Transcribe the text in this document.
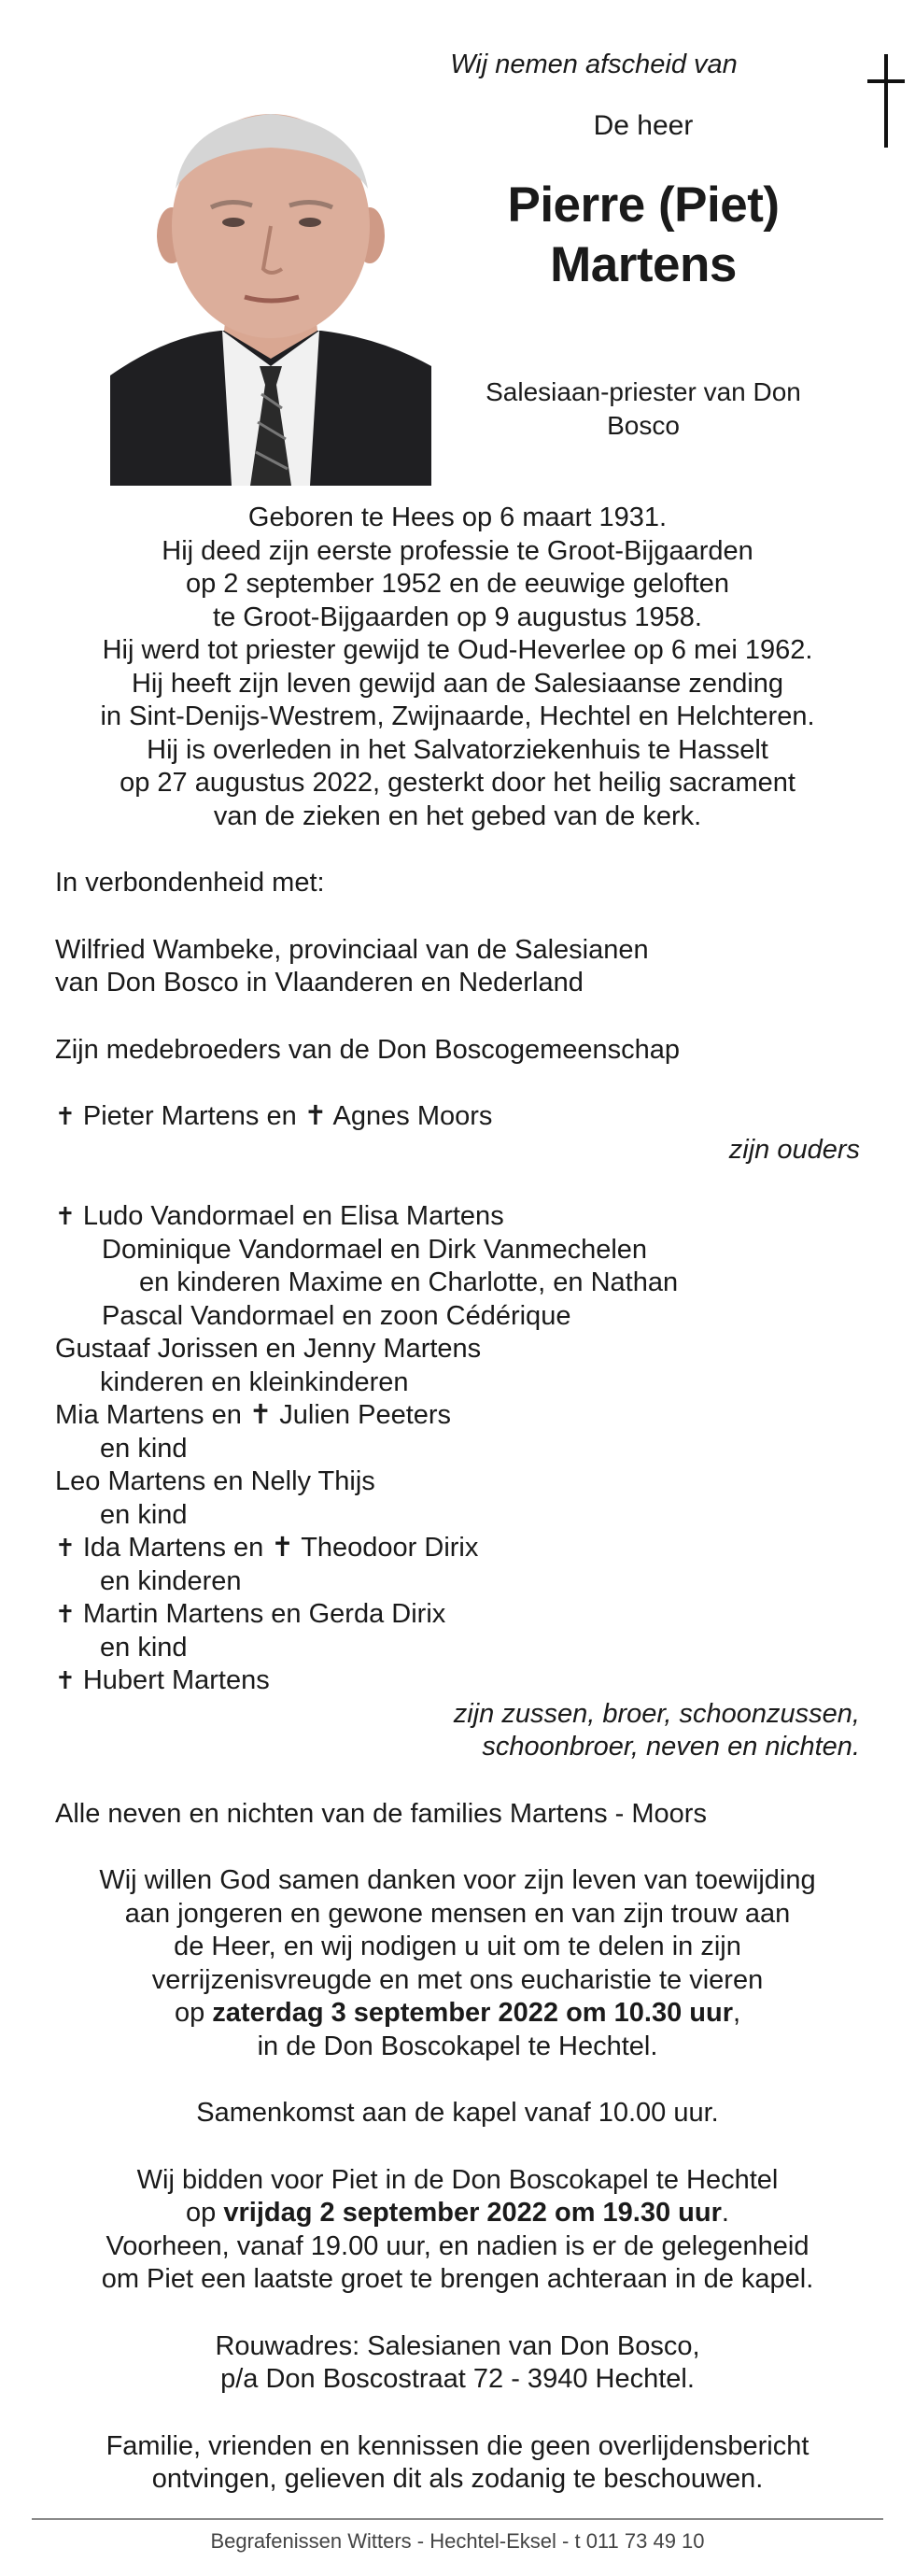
Wij nemen afscheid van
De heer
Pierre (Piet)
Martens
Salesiaan-priester van Don Bosco

Geboren te Hees op 6 maart 1931.

Hij deed zijn eerste professie te Groot-Bijgaarden

op 2 september 1952 en de eeuwige geloften

te Groot-Bijgaarden op 9 augustus 1958.

Hij werd tot priester gewijd te Oud-Heverlee op 6 mei 1962.

Hij heeft zijn leven gewijd aan de Salesiaanse zending

in Sint-Denijs-Westrem, Zwijnaarde, Hechtel en Helchteren.

Hij is overleden in het Salvatorziekenhuis te Hasselt

op 27 augustus 2022, gesterkt door het heilig sacrament

van de zieken en het gebed van de kerk.

In verbondenheid met:

Wilfried Wambeke, provinciaal van de Salesianen

van Don Bosco in Vlaanderen en Nederland

Zijn medebroeders van de Don Boscogemeenschap

✝ Pieter Martens en ✝ Agnes Moors

zijn ouders

✝ Ludo Vandormael en Elisa Martens

Dominique Vandormael en Dirk Vanmechelen

en kinderen Maxime en Charlotte, en Nathan

Pascal Vandormael en zoon Cédérique

Gustaaf Jorissen en Jenny Martens

kinderen en kleinkinderen

Mia Martens en ✝ Julien Peeters

en kind

Leo Martens en Nelly Thijs

en kind

✝ Ida Martens en ✝ Theodoor Dirix

en kinderen

✝ Martin Martens en Gerda Dirix

en kind

✝ Hubert Martens

zijn zussen, broer, schoonzussen,

schoonbroer, neven en nichten.

Alle neven en nichten van de families Martens - Moors

Wij willen God samen danken voor zijn leven van toewijding

aan jongeren en gewone mensen en van zijn trouw aan

de Heer, en wij nodigen u uit om te delen in zijn

verrijzenisvreugde en met ons eucharistie te vieren

op zaterdag 3 september 2022 om 10.30 uur,

in de Don Boscokapel te Hechtel.

Samenkomst aan de kapel vanaf 10.00 uur.

Wij bidden voor Piet in de Don Boscokapel te Hechtel

op vrijdag 2 september 2022 om 19.30 uur.

Voorheen, vanaf 19.00 uur, en nadien is er de gelegenheid

om Piet een laatste groet te brengen achteraan in de kapel.

Rouwadres: Salesianen van Don Bosco,

p/a Don Boscostraat 72 - 3940 Hechtel.

Familie, vrienden en kennissen die geen overlijdensbericht

ontvingen, gelieven dit als zodanig te beschouwen.

Begrafenissen Witters - Hechtel-Eksel - t 011 73 49 10
